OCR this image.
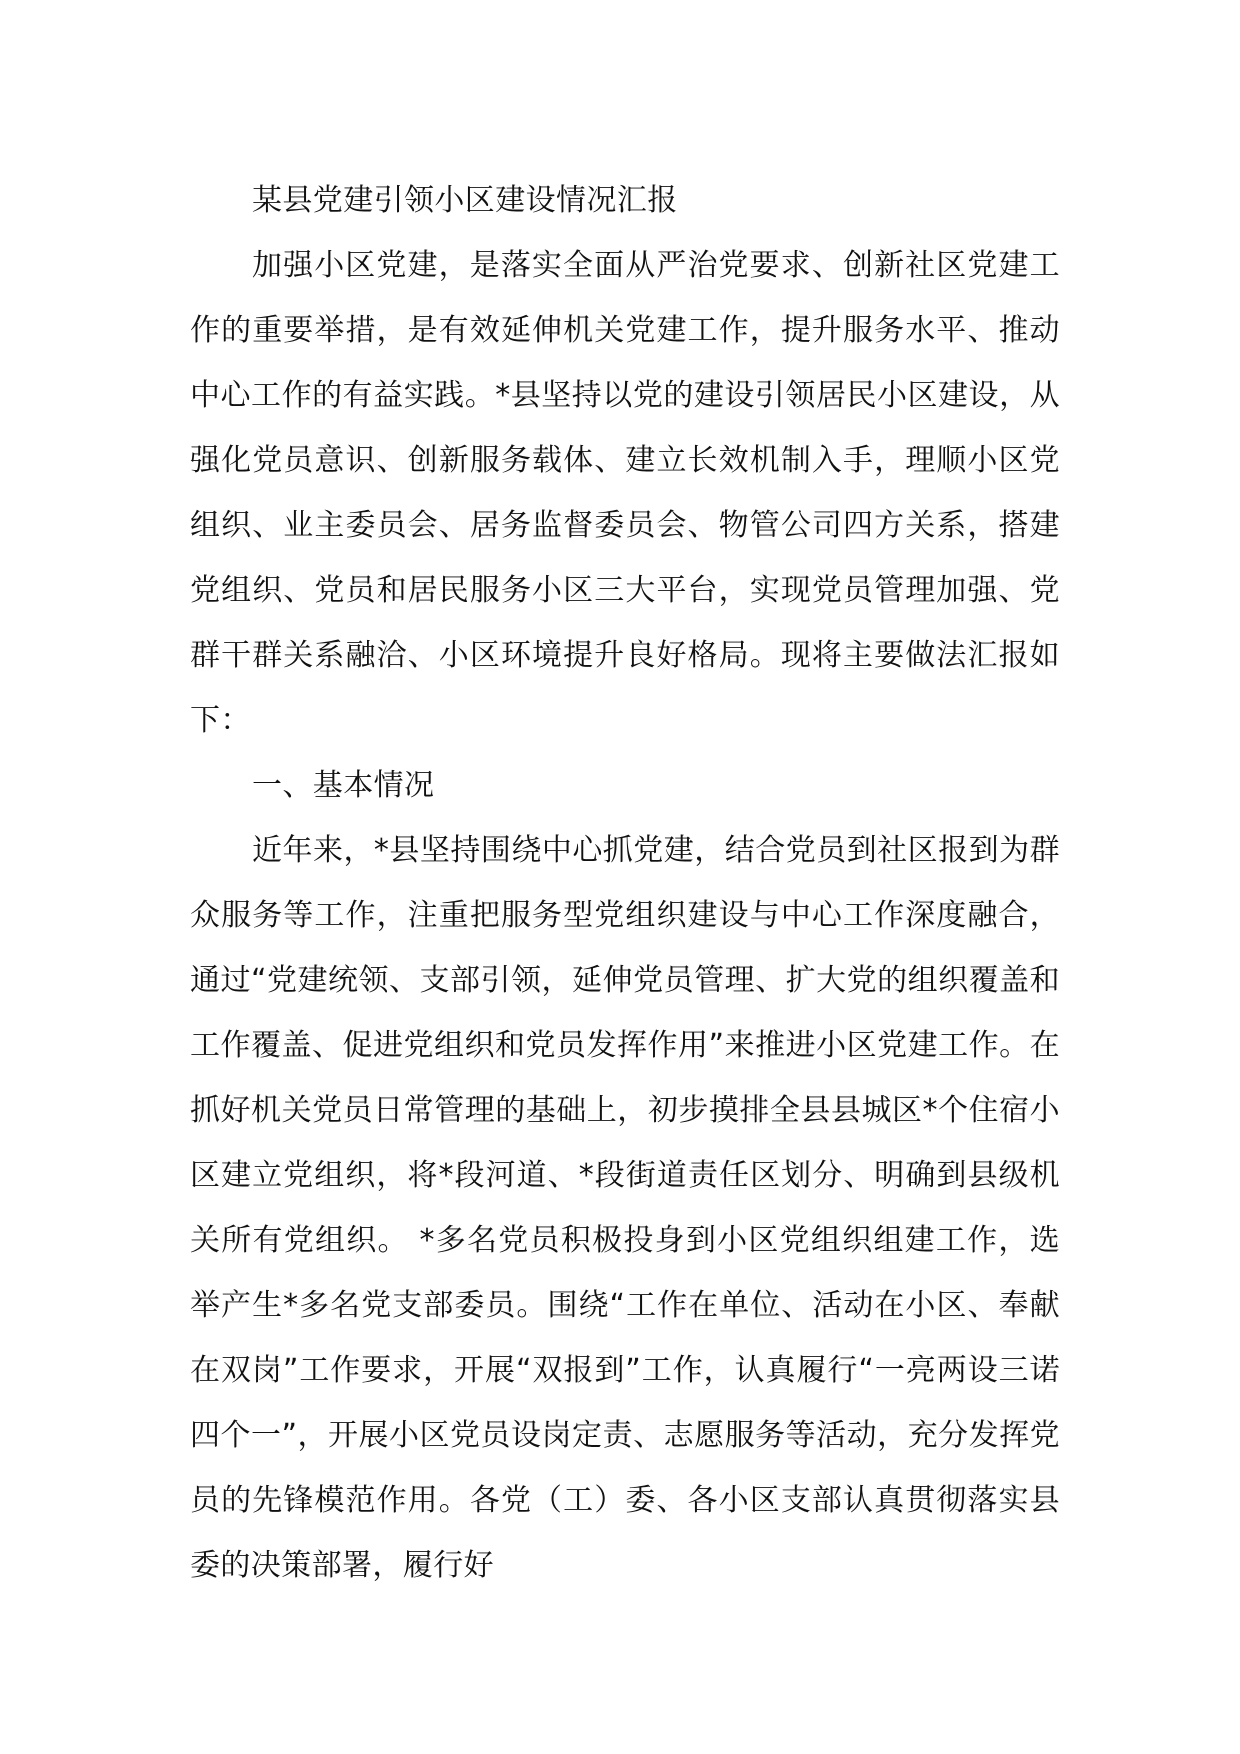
某县党建引领小区建设情况汇报

加强小区党建，是落实全面从严治党要求、创新社区党建工作的重要举措，是有效延伸机关党建工作，提升服务水平、推动中心工作的有益实践。*县坚持以党的建设引领居民小区建设，从强化党员意识、创新服务载体、建立长效机制入手，理顺小区党组织、业主委员会、居务监督委员会、物管公司四方关系，搭建党组织、党员和居民服务小区三大平台，实现党员管理加强、党群干群关系融洽、小区环境提升良好格局。现将主要做法汇报如下：

一、基本情况

近年来，*县坚持围绕中心抓党建，结合党员到社区报到为群众服务等工作，注重把服务型党组织建设与中心工作深度融合，通过“党建统领、支部引领，延伸党员管理、扩大党的组织覆盖和工作覆盖、促进党组织和党员发挥作用”来推进小区党建工作。在抓好机关党员日常管理的基础上，初步摸排全县县城区*个住宿小区建立党组织，将*段河道、*段街道责任区划分、明确到县级机关所有党组织。 *多名党员积极投身到小区党组织组建工作，选举产生*多名党支部委员。围绕“工作在单位、活动在小区、奉献在双岗”工作要求，开展“双报到”工作，认真履行“一亮两设三诺四个一”，开展小区党员设岗定责、志愿服务等活动，充分发挥党员的先锋模范作用。各党（工）委、各小区支部认真贯彻落实县委的决策部署，履行好
